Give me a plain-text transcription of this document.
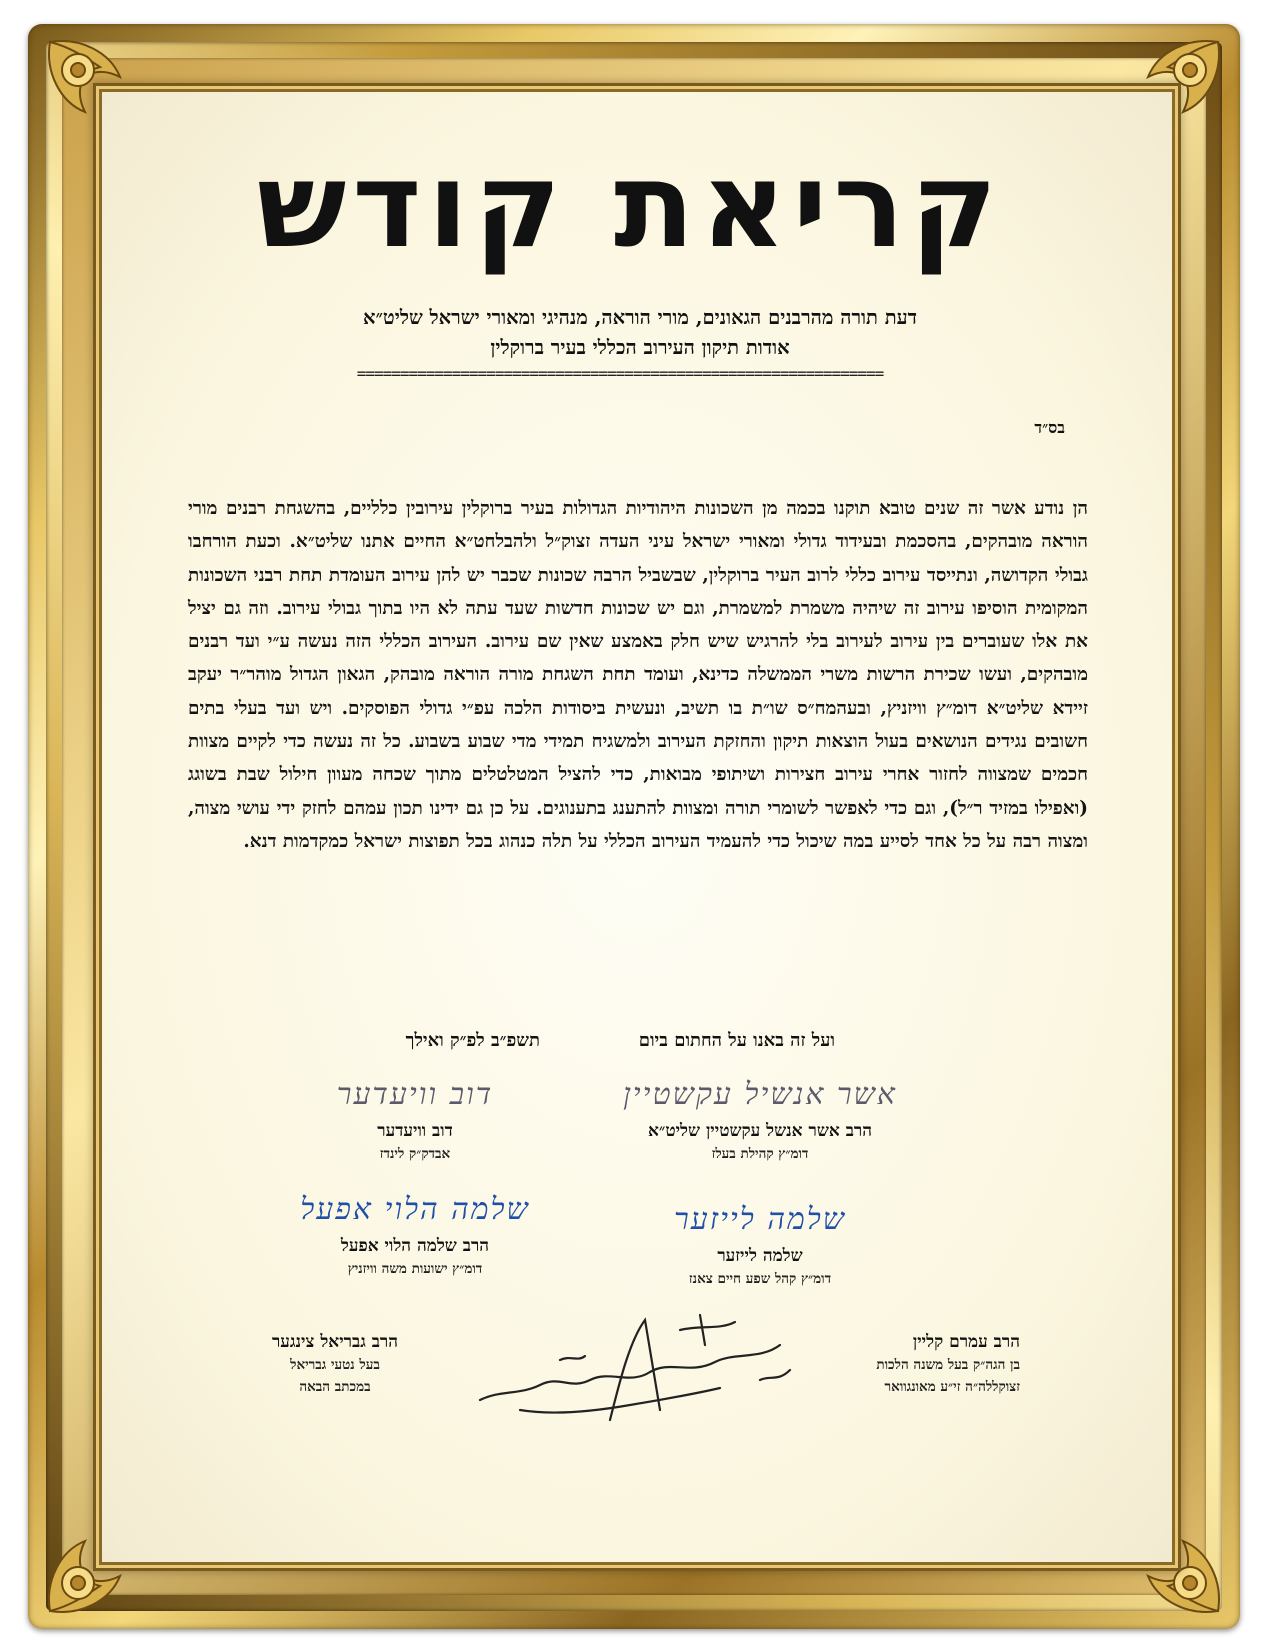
קריאת קודש
דעת תורה מהרבנים הגאונים, מורי הוראה, מנהיגי ומאורי ישראל שליט״א
אודות תיקון העירוב הכללי בעיר ברוקלין
=============================================================
בס״ד
הן נודע אשר זה שנים טובא תוקנו בכמה מן השכונות היהודיות הגדולות בעיר ברוקלין עירובין כלליים, בהשגחת רבנים מורי הוראה מובהקים, בהסכמת ובעידוד גדולי ומאורי ישראל עיני העדה זצוק״ל ולהבלחט״א החיים אתנו שליט״א. וכעת הורחבו גבולי הקדושה, ונתייסד עירוב כללי לרוב העיר ברוקלין, שבשביל הרבה שכונות שכבר יש להן עירוב העומדת תחת רבני השכונות המקומית הוסיפו עירוב זה שיהיה משמרת למשמרת, וגם יש שכונות חדשות שעד עתה לא היו בתוך גבולי עירוב. וזה גם יציל את אלו שעוברים בין עירוב לעירוב בלי להרגיש שיש חלק באמצע שאין שם עירוב. העירוב הכללי הזה נעשה ע״י ועד רבנים מובהקים, ועשו שכירת הרשות משרי הממשלה כדינא, ועומד תחת השגחת מורה הוראה מובהק, הגאון הגדול מוהר״ר יעקב זיידא שליט״א דומ״ץ וויזניץ, ובעהמח״ס שו״ת בו תשיב, ונעשית ביסודות הלכה עפ״י גדולי הפוסקים. ויש ועד בעלי בתים חשובים נגידים הנושאים בעול הוצאות תיקון והחזקת העירוב ולמשגיח תמידי מדי שבוע בשבוע. כל זה נעשה כדי לקיים מצוות חכמים שמצווה לחזור אחרי עירוב חצירות ושיתופי מבואות, כדי להציל המטלטלים מתוך שכחה מעוון חילול שבת בשוגג (ואפילו במזיד ר״ל), וגם כדי לאפשר לשומרי תורה ומצוות להתענג בתענוגים. על כן גם ידינו תכון עמהם לחזק ידי עושי מצוה, ומצוה רבה על כל אחד לסייע במה שיכול כדי להעמיד העירוב הכללי על תלה כנהוג בכל תפוצות ישראל כמקדמות דנא.
ועל זה באנו על החתום ביום
תשפ״ב לפ״ק ואילך
אשר אנשיל עקשטיין
הרב אשר אנשל עקשטיין שליט״א
דומ״ץ קהילת בעלז
דוב וויעדער
דוב וויעדער
אבדק״ק לינדז
שלמה לייזער
שלמה לייזער
דומ״ץ קהל שפע חיים צאנז
שלמה הלוי אפעל
הרב שלמה הלוי אפעל
דומ״ץ ישועות משה וויזניץ
הרב גבריאל צינגער
בעל נטעי גבריאל
במכתב הבאה
הרב עמרם קליין
בן הגה״ק בעל משנה הלכות
זצוקללה״ה זי״ע מאונגוואר
